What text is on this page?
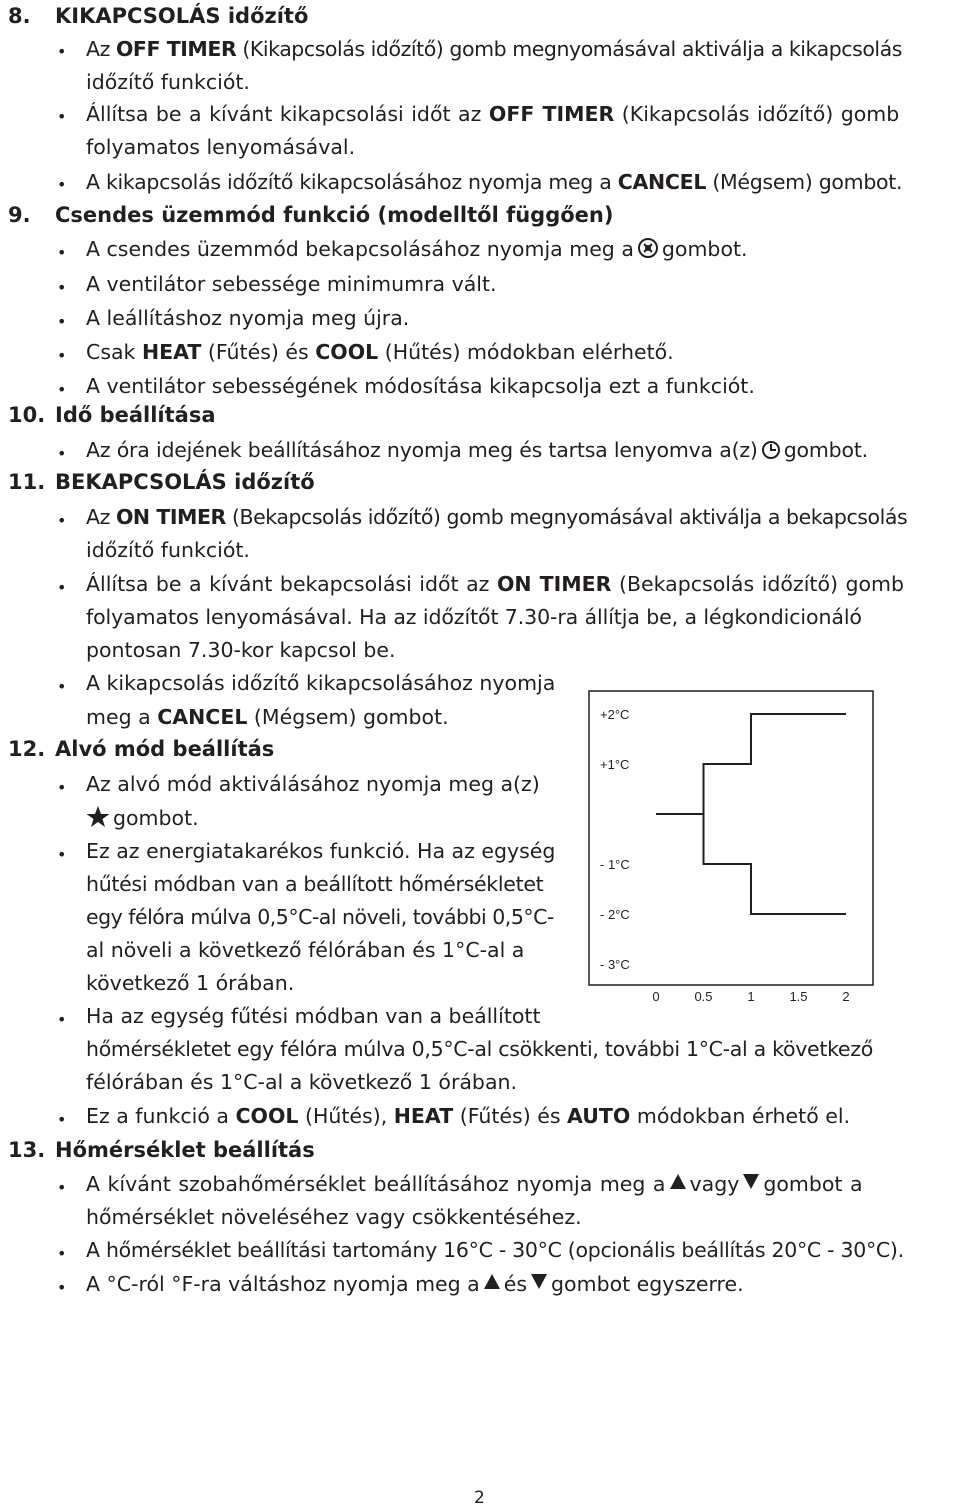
8. KIKAPCSOLÁS időzítő
• Az OFF TIMER (Kikapcsolás időzítő) gomb megnyomásával aktiválja a kikapcsolás
időzítő funkciót.
• Állítsa be a kívánt kikapcsolási időt az OFF TIMER (Kikapcsolás időzítő) gomb
folyamatos lenyomásával.
• A kikapcsolás időzítő kikapcsolásához nyomja meg a CANCEL (Mégsem) gombot.
9. Csendes üzemmód funkció (modelltől függően)
• A csendes üzemmód bekapcsolásához nyomja meg a gombot.
• A ventilátor sebessége minimumra vált.
• A leállításhoz nyomja meg újra.
• Csak HEAT (Fűtés) és COOL (Hűtés) módokban elérhető.
• A ventilátor sebességének módosítása kikapcsolja ezt a funkciót.
10. Idő beállítása
• Az óra idejének beállításához nyomja meg és tartsa lenyomva a(z) gombot.
11. BEKAPCSOLÁS időzítő
• Az ON TIMER (Bekapcsolás időzítő) gomb megnyomásával aktiválja a bekapcsolás
időzítő funkciót.
• Állítsa be a kívánt bekapcsolási időt az ON TIMER (Bekapcsolás időzítő) gomb
folyamatos lenyomásával. Ha az időzítőt 7.30-ra állítja be, a légkondicionáló
pontosan 7.30-kor kapcsol be.
• A kikapcsolás időzítő kikapcsolásához nyomja
meg a CANCEL (Mégsem) gombot.
12. Alvó mód beállítás
• Az alvó mód aktiválásához nyomja meg a(z)
gombot.
• Ez az energiatakarékos funkció. Ha az egység
hűtési módban van a beállított hőmérsékletet
egy félóra múlva 0,5°C-al növeli, további 0,5°C-
al növeli a következő félórában és 1°C-al a
következő 1 órában.
• Ha az egység fűtési módban van a beállított
hőmérsékletet egy félóra múlva 0,5°C-al csökkenti, további 1°C-al a következő
félórában és 1°C-al a következő 1 órában.
• Ez a funkció a COOL (Hűtés), HEAT (Fűtés) és AUTO módokban érhető el.
13. Hőmérséklet beállítás
• A kívánt szobahőmérséklet beállításához nyomja meg a vagy gombot a
hőmérséklet növeléséhez vagy csökkentéséhez.
• A hőmérséklet beállítási tartomány 16°C - 30°C (opcionális beállítás 20°C - 30°C).
• A °C-ról °F-ra váltáshoz nyomja meg a és gombot egyszerre.
+2°C
+1°C
- 1°C
- 2°C
- 3°C
0	0.5	1	1.5	2
2
